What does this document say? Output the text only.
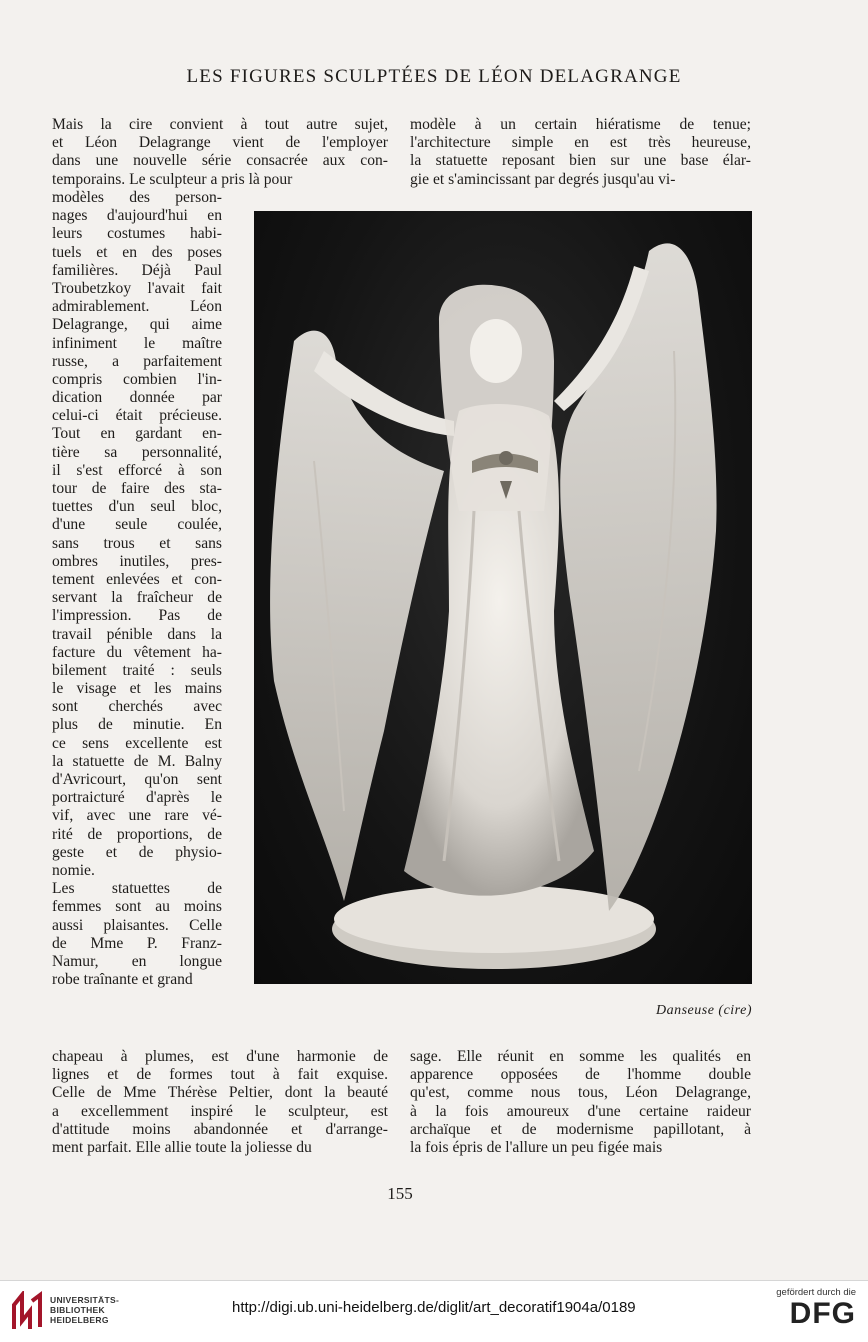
LES FIGURES SCULPTÉES DE LÉON DELAGRANGE
Mais la cire convient à tout autre sujet,
et Léon Delagrange vient de l'employer
dans une nouvelle série consacrée aux con-
temporains. Le sculpteur a pris là pour
modèle à un certain hiératisme de tenue;
l'architecture simple en est très heureuse,
la statuette reposant bien sur une base élar-
gie et s'amincissant par degrés jusqu'au vi-
modèles des person-
nages d'aujourd'hui en
leurs costumes habi-
tuels et en des poses
familières. Déjà Paul
Troubetzkoy l'avait fait
admirablement. Léon
Delagrange, qui aime
infiniment le maître
russe, a parfaitement
compris combien l'in-
dication donnée par
celui-ci était précieuse.
Tout en gardant en-
tière sa personnalité,
il s'est efforcé à son
tour de faire des sta-
tuettes d'un seul bloc,
d'une seule coulée,
sans trous et sans
ombres inutiles, pres-
tement enlevées et con-
servant la fraîcheur de
l'impression. Pas de
travail pénible dans la
facture du vêtement ha-
bilement traité : seuls
le visage et les mains
sont cherchés avec
plus de minutie. En
ce sens excellente est
la statuette de M. Balny
d'Avricourt, qu'on sent
portraicturé d'après le
vif, avec une rare vé-
rité de proportions, de
geste et de physio-
nomie.
Les statuettes de
femmes sont au moins
aussi plaisantes. Celle
de Mme P. Franz-
Namur, en longue
robe traînante et grand
Danseuse (cire)
chapeau à plumes, est d'une harmonie de
lignes et de formes tout à fait exquise.
Celle de Mme Thérèse Peltier, dont la beauté
a excellemment inspiré le sculpteur, est
d'attitude moins abandonnée et d'arrange-
ment parfait. Elle allie toute la joliesse du
sage. Elle réunit en somme les qualités en
apparence opposées de l'homme double
qu'est, comme nous tous, Léon Delagrange,
à la fois amoureux d'une certaine raideur
archaïque et de modernisme papillotant, à
la fois épris de l'allure un peu figée mais
155
UNIVERSITÄTS-
BIBLIOTHEK
HEIDELBERG
http://digi.ub.uni-heidelberg.de/diglit/art_decoratif1904a/0189
gefördert durch die
DFG
